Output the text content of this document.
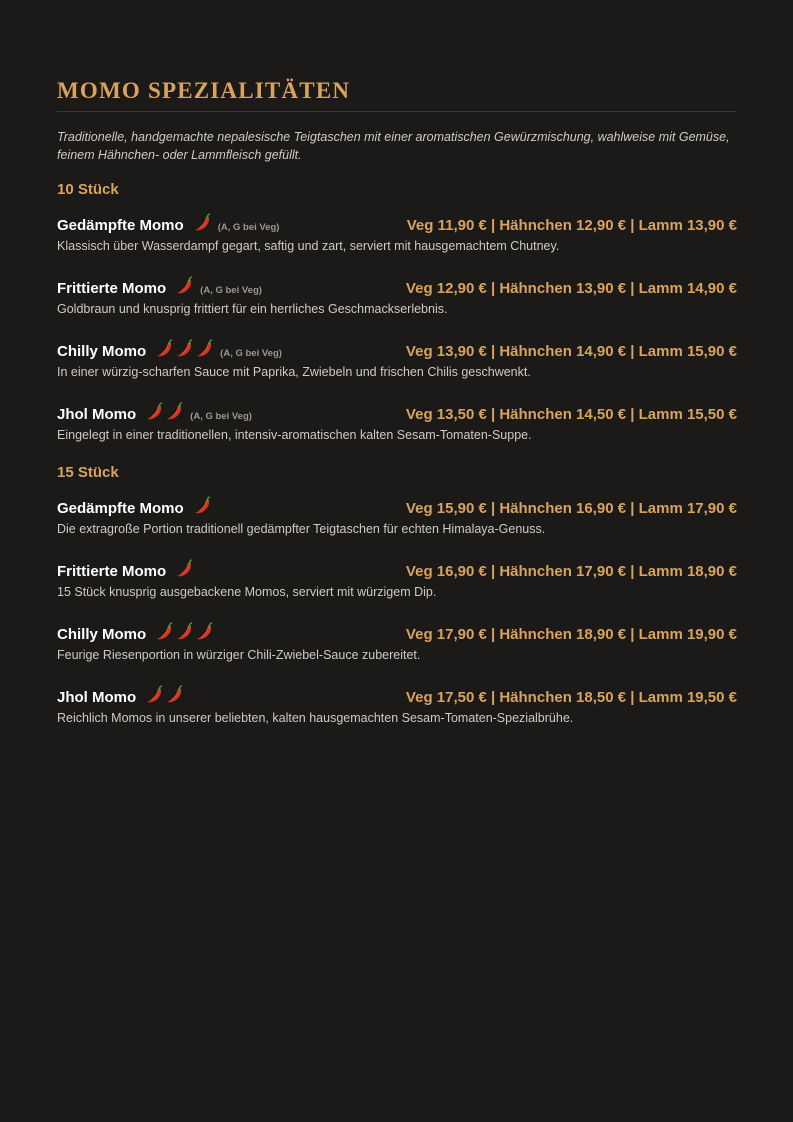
MOMO SPEZIALITÄTEN

Traditionelle, handgemachte nepalesische Teigtaschen mit einer aromatischen Gewürzmischung, wahlweise mit Gemüse, feinem Hähnchen- oder Lammfleisch gefüllt.

10 Stück
Gedämpfte Momo	(A, G bei Veg)	Veg 11,90 € | Hähnchen 12,90 € | Lamm 13,90 €
Klassisch über Wasserdampf gegart, saftig und zart, serviert mit hausgemachtem Chutney.
Frittierte Momo	(A, G bei Veg)	Veg 12,90 € | Hähnchen 13,90 € | Lamm 14,90 €
Goldbraun und knusprig frittiert für ein herrliches Geschmackserlebnis.
Chilly Momo	(A, G bei Veg)	Veg 13,90 € | Hähnchen 14,90 € | Lamm 15,90 €
In einer würzig-scharfen Sauce mit Paprika, Zwiebeln und frischen Chilis geschwenkt.
Jhol Momo	(A, G bei Veg)	Veg 13,50 € | Hähnchen 14,50 € | Lamm 15,50 €
Eingelegt in einer traditionellen, intensiv-aromatischen kalten Sesam-Tomaten-Suppe.
15 Stück
Gedämpfte Momo	Veg 15,90 € | Hähnchen 16,90 € | Lamm 17,90 €
Die extragroße Portion traditionell gedämpfter Teigtaschen für echten Himalaya-Genuss.
Frittierte Momo	Veg 16,90 € | Hähnchen 17,90 € | Lamm 18,90 €
15 Stück knusprig ausgebackene Momos, serviert mit würzigem Dip.
Chilly Momo	Veg 17,90 € | Hähnchen 18,90 € | Lamm 19,90 €
Feurige Riesenportion in würziger Chili-Zwiebel-Sauce zubereitet.
Jhol Momo	Veg 17,50 € | Hähnchen 18,50 € | Lamm 19,50 €
Reichlich Momos in unserer beliebten, kalten hausgemachten Sesam-Tomaten-Spezialbrühe.
